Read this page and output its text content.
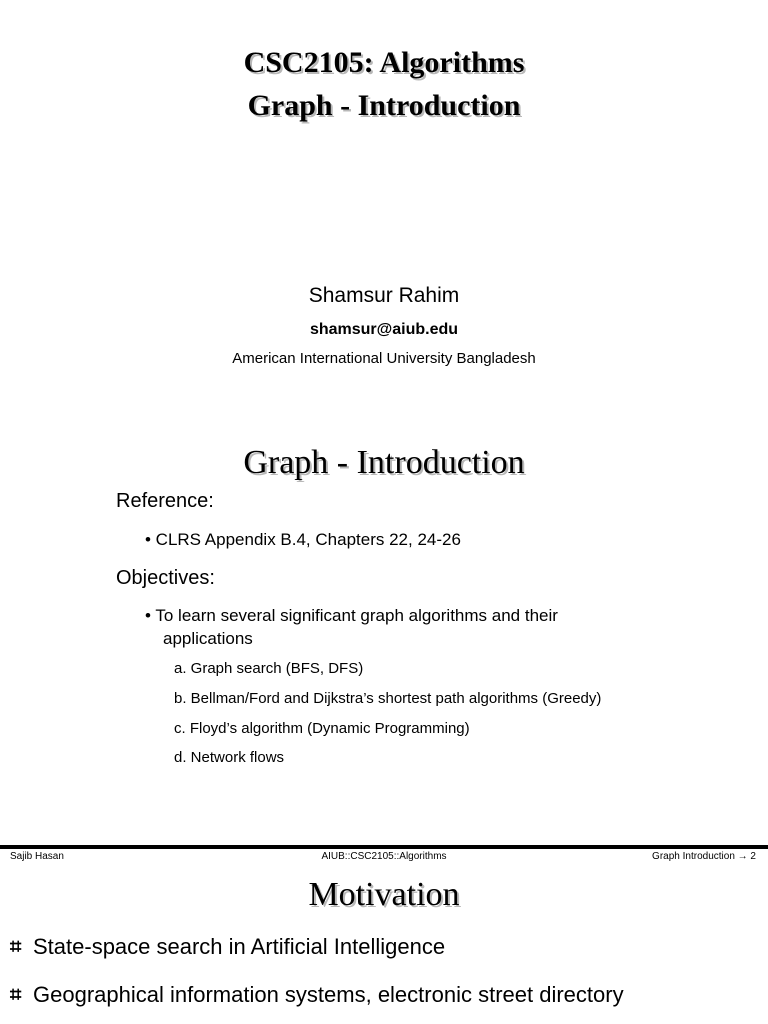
CSC2105: Algorithms
Graph - Introduction
Shamsur Rahim
shamsur@aiub.edu
American International University Bangladesh
Graph - Introduction
Reference:
• CLRS Appendix B.4, Chapters 22, 24-26
Objectives:
• To learn several significant graph algorithms and their
applications
a. Graph search (BFS, DFS)
b. Bellman/Ford and Dijkstra’s shortest path algorithms (Greedy)
c. Floyd’s algorithm (Dynamic Programming)
d. Network flows
Sajib Hasan	AIUB::CSC2105::Algorithms	Graph Introduction → 2
Motivation
⌗ State-space search in Artificial Intelligence
⌗ Geographical information systems, electronic street directory
